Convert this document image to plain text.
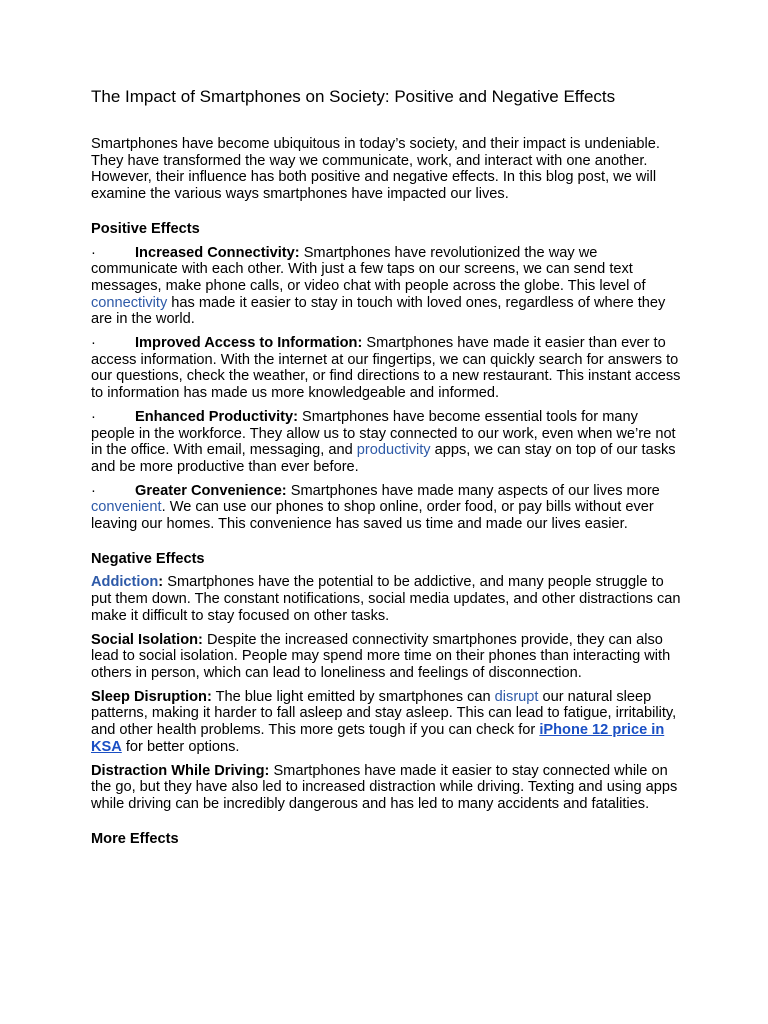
The Impact of Smartphones on Society: Positive and Negative Effects

Smartphones have become ubiquitous in today’s society, and their impact is undeniable. They have transformed the way we communicate, work, and interact with one another. However, their influence has both positive and negative effects. In this blog post, we will examine the various ways smartphones have impacted our lives.

Positive Effects

·	Increased Connectivity: Smartphones have revolutionized the way we communicate with each other. With just a few taps on our screens, we can send text messages, make phone calls, or video chat with people across the globe. This level of connectivity has made it easier to stay in touch with loved ones, regardless of where they are in the world.

·	Improved Access to Information: Smartphones have made it easier than ever to access information. With the internet at our fingertips, we can quickly search for answers to our questions, check the weather, or find directions to a new restaurant. This instant access to information has made us more knowledgeable and informed.

·	Enhanced Productivity: Smartphones have become essential tools for many people in the workforce. They allow us to stay connected to our work, even when we’re not in the office. With email, messaging, and productivity apps, we can stay on top of our tasks and be more productive than ever before.

·	Greater Convenience: Smartphones have made many aspects of our lives more convenient. We can use our phones to shop online, order food, or pay bills without ever leaving our homes. This convenience has saved us time and made our lives easier.

Negative Effects

Addiction: Smartphones have the potential to be addictive, and many people struggle to put them down. The constant notifications, social media updates, and other distractions can make it difficult to stay focused on other tasks.

Social Isolation: Despite the increased connectivity smartphones provide, they can also lead to social isolation. People may spend more time on their phones than interacting with others in person, which can lead to loneliness and feelings of disconnection.

Sleep Disruption: The blue light emitted by smartphones can disrupt our natural sleep patterns, making it harder to fall asleep and stay asleep. This can lead to fatigue, irritability, and other health problems. This more gets tough if you can check for iPhone 12 price in KSA for better options.

Distraction While Driving: Smartphones have made it easier to stay connected while on the go, but they have also led to increased distraction while driving. Texting and using apps while driving can be incredibly dangerous and has led to many accidents and fatalities.

More Effects
